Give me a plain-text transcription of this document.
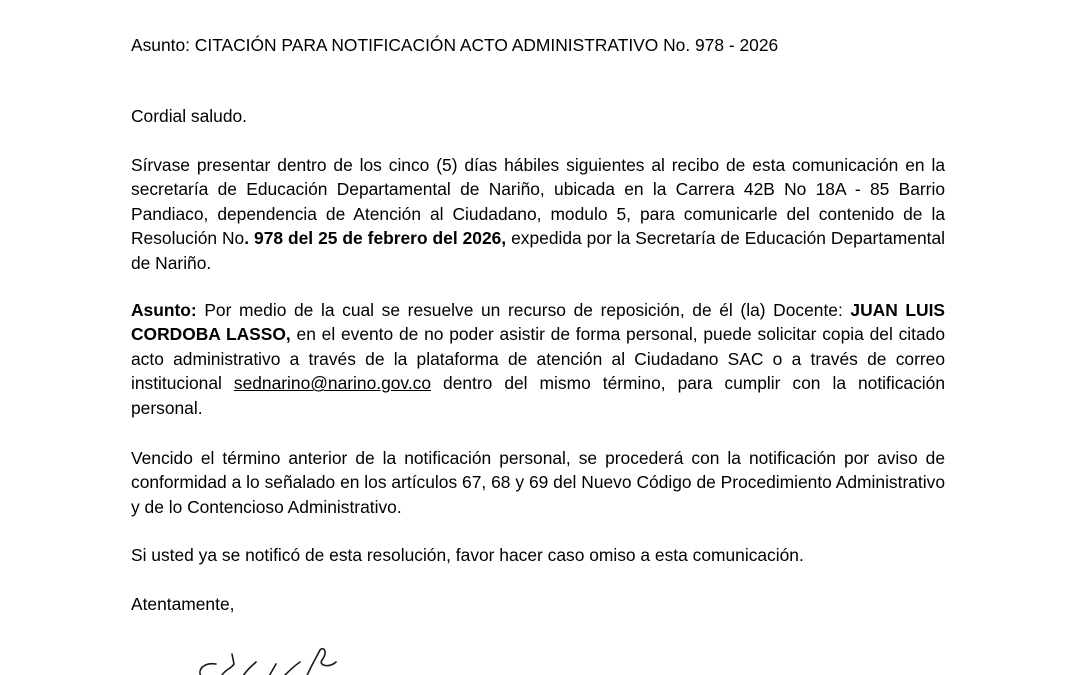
Asunto: CITACIÓN PARA NOTIFICACIÓN ACTO ADMINISTRATIVO No. 978 - 2026

Cordial saludo.

Sírvase presentar dentro de los cinco (5) días hábiles siguientes al recibo de esta comunicación en la secretaría de Educación Departamental de Nariño, ubicada en la Carrera 42B No 18A - 85 Barrio Pandiaco, dependencia de Atención al Ciudadano, modulo 5, para comunicarle del contenido de la Resolución No. 978 del 25 de febrero del 2026, expedida por la Secretaría de Educación Departamental de Nariño.

Asunto: Por medio de la cual se resuelve un recurso de reposición, de él (la) Docente: JUAN LUIS CORDOBA LASSO, en el evento de no poder asistir de forma personal, puede solicitar copia del citado acto administrativo a través de la plataforma de atención al Ciudadano SAC o a través de correo institucional sednarino@narino.gov.co dentro del mismo término, para cumplir con la notificación personal.

Vencido el término anterior de la notificación personal, se procederá con la notificación por aviso de conformidad a lo señalado en los artículos 67, 68 y 69 del Nuevo Código de Procedimiento Administrativo y de lo Contencioso Administrativo.

Si usted ya se notificó de esta resolución, favor hacer caso omiso a esta comunicación.

Atentamente,
